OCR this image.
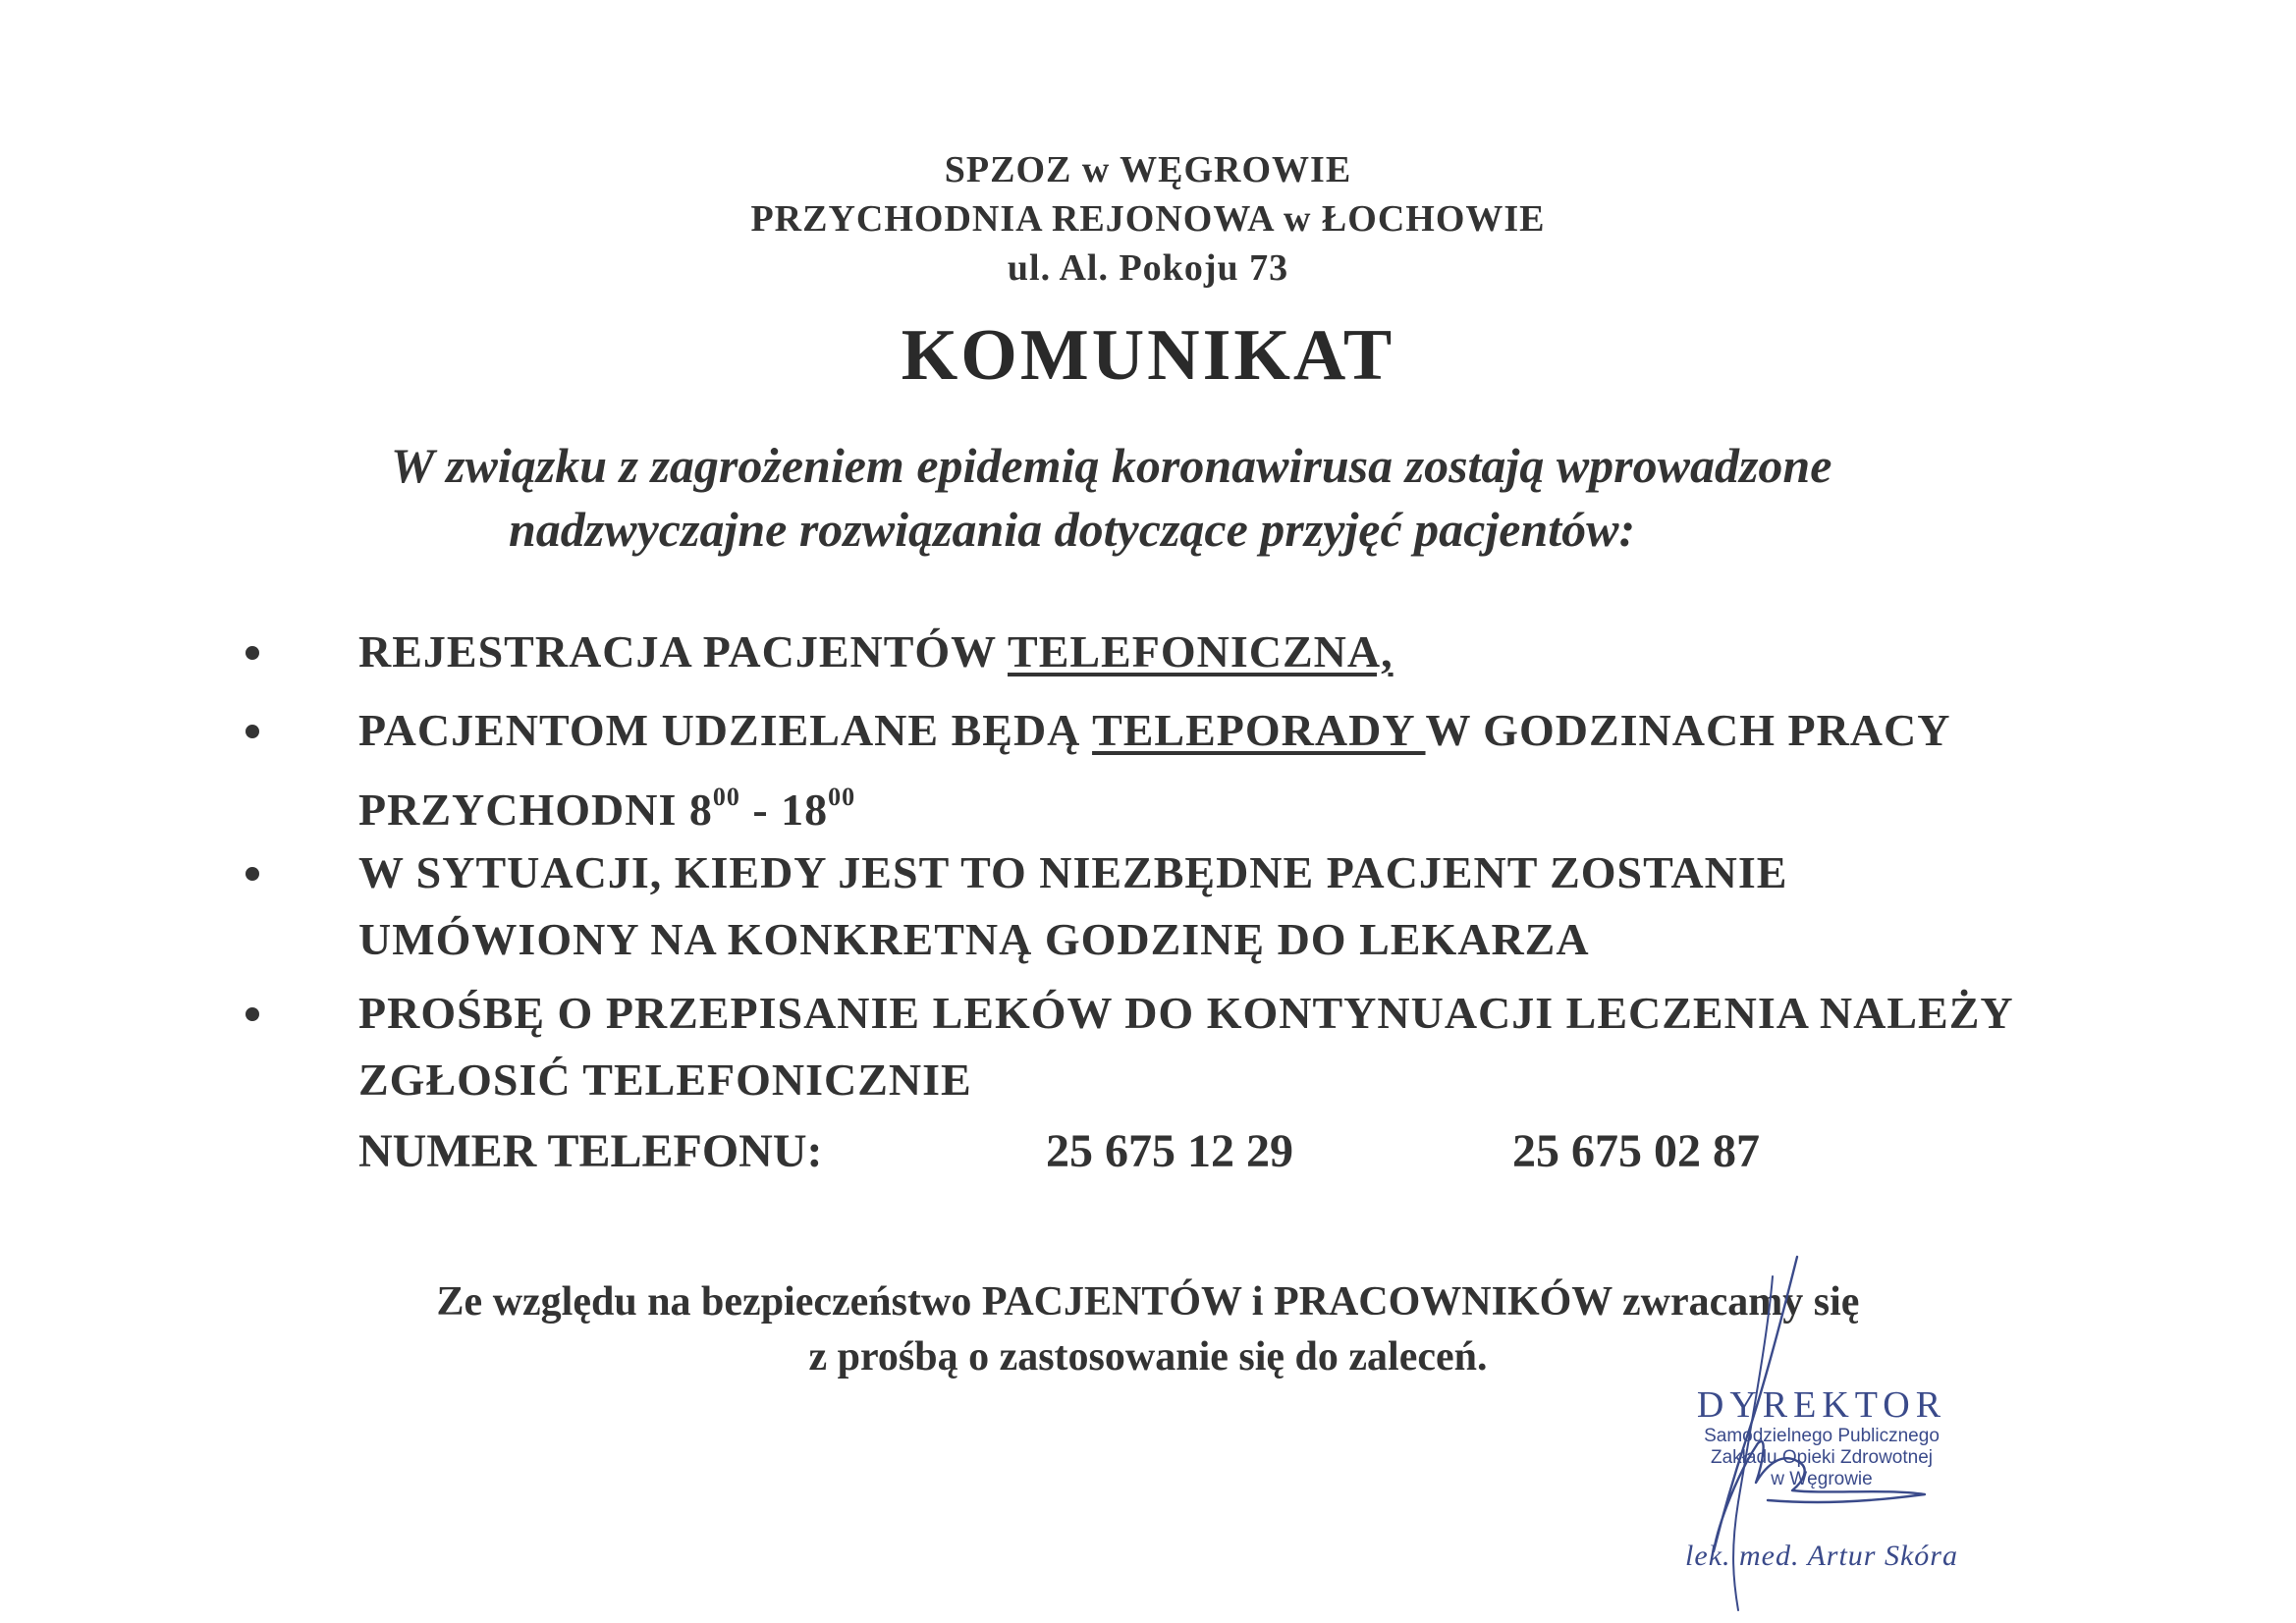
SPZOZ w WĘGROWIE
PRZYCHODNIA REJONOWA w ŁOCHOWIE
ul. Al. Pokoju 73
KOMUNIKAT
W związku z zagrożeniem epidemią koronawirusa zostają wprowadzone
nadzwyczajne rozwiązania dotyczące przyjęć pacjentów:
REJESTRACJA PACJENTÓW TELEFONICZNA,
PACJENTOM UDZIELANE BĘDĄ TELEPORADY W GODZINACH PRACY
PRZYCHODNI $8^{00} - 18^{00}$
W SYTUACJI, KIEDY JEST TO NIEZBĘDNE PACJENT ZOSTANIE
UMÓWIONY NA KONKRETNĄ GODZINĘ DO LEKARZA
PROŚBĘ O PRZEPISANIE LEKÓW DO KONTYNUACJI LECZENIA NALEŻY
ZGŁOSIĆ TELEFONICZNIE
NUMER TELEFONU:	25 675 12 29	25 675 02 87
Ze względu na bezpieczeństwo PACJENTÓW i PRACOWNIKÓW zwracamy się
z prośbą o zastosowanie się do zaleceń.
DYREKTOR
Samodzielnego Publicznego
Zakładu Opieki Zdrowotnej
w Węgrowie
lek. med. Artur Skóra
